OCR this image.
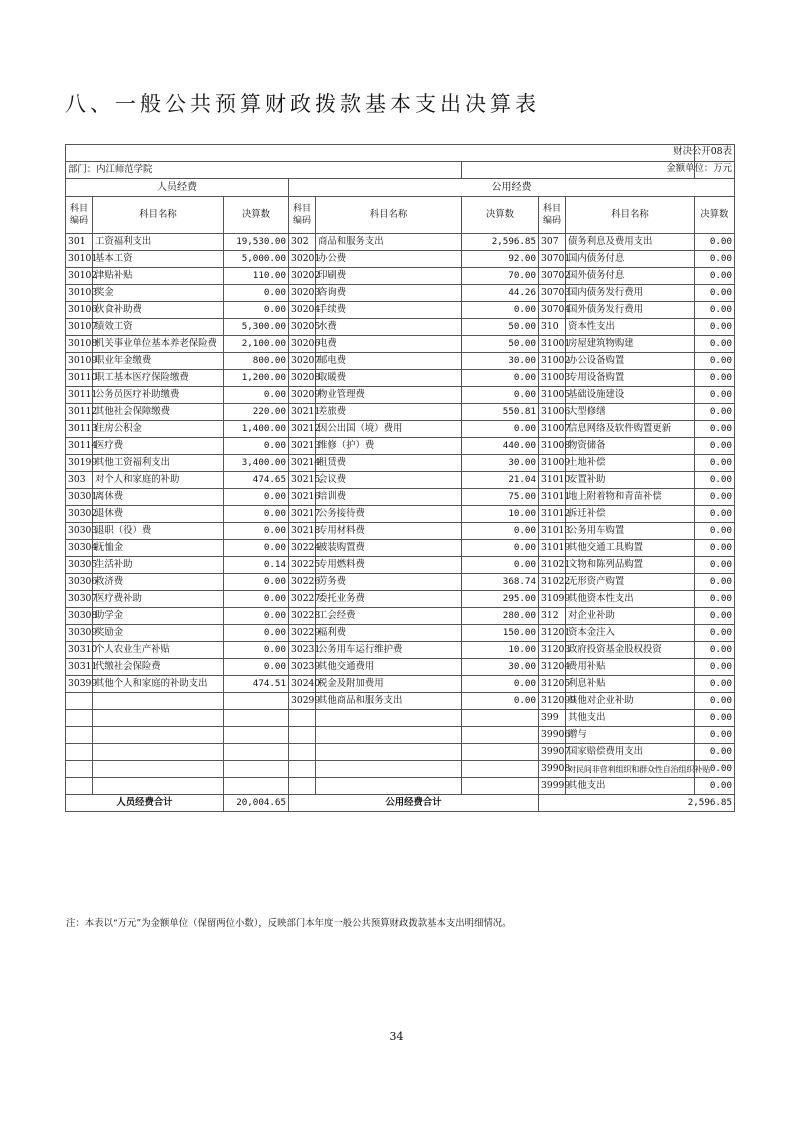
八、一般公共预算财政拨款基本支出决算表

								财决公开08表

部门：内江师范学院								金额单位：万元

人员经费			公用经费					
科目编码	科目名称	决算数	科目编码	科目名称	决算数	科目编码	科目名称	决算数
301	工资福利支出	19,530.00	302	商品和服务支出	2,596.85	307	债务利息及费用支出	0.00
30101	基本工资	5,000.00	30201	办公费	92.00	30701	国内债务付息	0.00
30102	津贴补贴	110.00	30202	印刷费	70.00	30702	国外债务付息	0.00
30103	奖金	0.00	30203	咨询费	44.26	30703	国内债务发行费用	0.00
30106	伙食补助费	0.00	30204	手续费	0.00	30704	国外债务发行费用	0.00
30107	绩效工资	5,300.00	30205	水费	50.00	310	资本性支出	0.00
30108	机关事业单位基本养老保险费	2,100.00	30206	电费	50.00	31001	房屋建筑物购建	0.00
30109	职业年金缴费	800.00	30207	邮电费	30.00	31002	办公设备购置	0.00
30110	职工基本医疗保险缴费	1,200.00	30208	取暖费	0.00	31003	专用设备购置	0.00
30111	公务员医疗补助缴费	0.00	30209	物业管理费	0.00	31005	基础设施建设	0.00
30112	其他社会保障缴费	220.00	30211	差旅费	550.81	31006	大型修缮	0.00
30113	住房公积金	1,400.00	30212	因公出国（境）费用	0.00	31007	信息网络及软件购置更新	0.00
30114	医疗费	0.00	30213	维修（护）费	440.00	31008	物资储备	0.00
30199	其他工资福利支出	3,400.00	30214	租赁费	30.00	31009	土地补偿	0.00
303	对个人和家庭的补助	474.65	30215	会议费	21.04	31010	安置补助	0.00
30301	离休费	0.00	30216	培训费	75.00	31011	地上附着物和青苗补偿	0.00
30302	退休费	0.00	30217	公务接待费	10.00	31012	拆迁补偿	0.00
30303	退职（役）费	0.00	30218	专用材料费	0.00	31013	公务用车购置	0.00
30304	抚恤金	0.00	30224	被装购置费	0.00	31019	其他交通工具购置	0.00
30305	生活补助	0.14	30225	专用燃料费	0.00	31021	文物和陈列品购置	0.00
30306	救济费	0.00	30226	劳务费	368.74	31022	无形资产购置	0.00
30307	医疗费补助	0.00	30227	委托业务费	295.00	31099	其他资本性支出	0.00
30308	助学金	0.00	30228	工会经费	280.00	312	对企业补助	0.00
30309	奖励金	0.00	30229	福利费	150.00	31201	资本金注入	0.00
30310	个人农业生产补贴	0.00	30231	公务用车运行维护费	10.00	31203	政府投资基金股权投资	0.00
30311	代缴社会保险费	0.00	30239	其他交通费用	30.00	31204	费用补贴	0.00
30399	其他个人和家庭的补助支出	474.51	30240	税金及附加费用	0.00	31205	利息补贴	0.00
			30299	其他商品和服务支出	0.00	312099	其他对企业补助	0.00
						399	其他支出	0.00
						39906	赠与	0.00
						39907	国家赔偿费用支出	0.00
						39908	对民间非营利组织和群众性自治组织补贴	0.00
						39999	其他支出	0.00
人员经费合计		20,004.65	公用经费合计			2,596.85		
注：本表以“万元”为金额单位（保留两位小数），反映部门本年度一般公共预算财政拨款基本支出明细情况。
34
